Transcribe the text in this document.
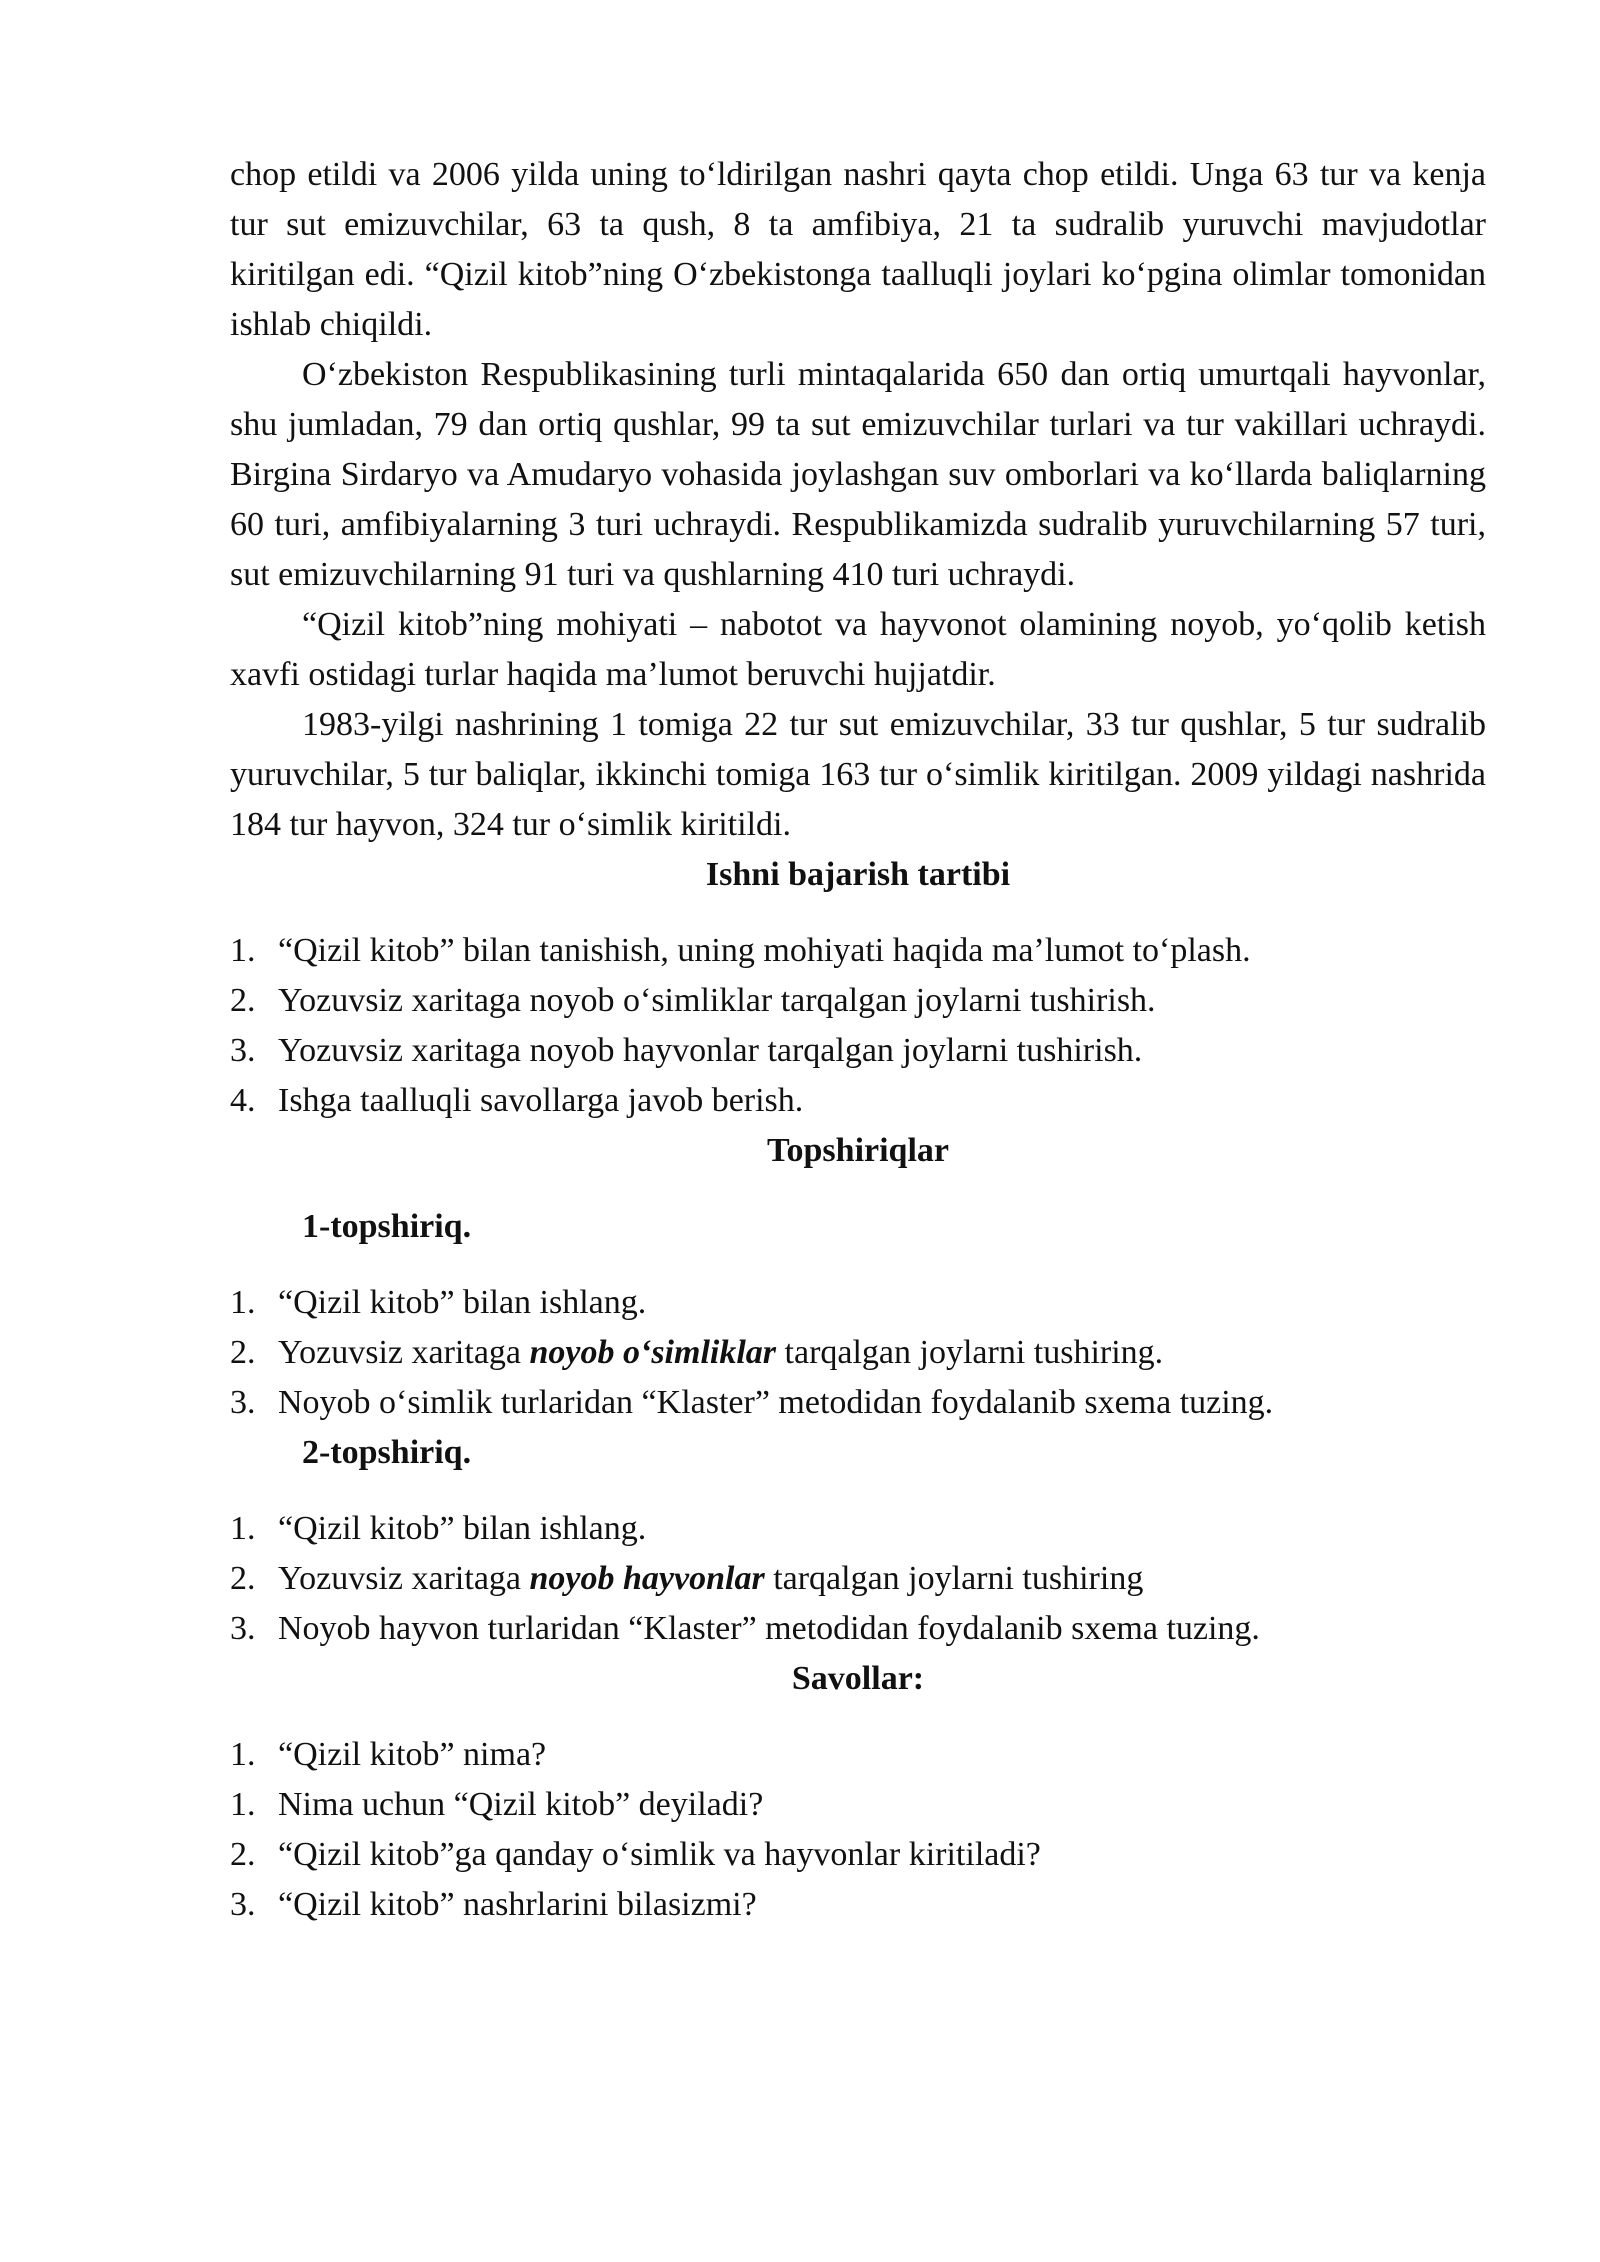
chop etildi va 2006 yilda uning to‘ldirilgan nashri qayta chop etildi. Unga 63 tur va kenja tur sut emizuvchilar, 63 ta qush, 8 ta amfibiya, 21 ta sudralib yuruvchi mavjudotlar kiritilgan edi. “Qizil kitob”ning O‘zbekistonga taalluqli joylari ko‘pgina olimlar tomonidan ishlab chiqildi.

O‘zbekiston Respublikasining turli mintaqalarida 650 dan ortiq umurtqali hayvonlar, shu jumladan, 79 dan ortiq qushlar, 99 ta sut emizuvchilar turlari va tur vakillari uchraydi. Birgina Sirdaryo va Amudaryo vohasida joylashgan suv omborlari va ko‘llarda baliqlarning 60 turi, amfibiyalarning 3 turi uchraydi. Respublikamizda sudralib yuruvchilarning 57 turi, sut emizuvchilarning 91 turi va qushlarning 410 turi uchraydi.

“Qizil kitob”ning mohiyati – nabotot va hayvonot olamining noyob, yo‘qolib ketish xavfi ostidagi turlar haqida ma’lumot beruvchi hujjatdir.

1983-yilgi nashrining 1 tomiga 22 tur sut emizuvchilar, 33 tur qushlar, 5 tur sudralib yuruvchilar, 5 tur baliqlar, ikkinchi tomiga 163 tur o‘simlik kiritilgan. 2009 yildagi nashrida 184 tur hayvon, 324 tur o‘simlik kiritildi.

Ishni bajarish tartibi

1. “Qizil kitob” bilan tanishish, uning mohiyati haqida ma’lumot to‘plash.
2. Yozuvsiz xaritaga noyob o‘simliklar tarqalgan joylarni tushirish.
3. Yozuvsiz xaritaga noyob hayvonlar tarqalgan joylarni tushirish.
4. Ishga taalluqli savollarga javob berish.

Topshiriqlar

1-topshiriq.

1. “Qizil kitob” bilan ishlang.
2. Yozuvsiz xaritaga noyob o‘simliklar tarqalgan joylarni tushiring.
3. Noyob o‘simlik turlaridan “Klaster” metodidan foydalanib sxema tuzing.

2-topshiriq.

1. “Qizil kitob” bilan ishlang.
2. Yozuvsiz xaritaga noyob hayvonlar tarqalgan joylarni tushiring
3. Noyob hayvon turlaridan “Klaster” metodidan foydalanib sxema tuzing.

Savollar:

1. “Qizil kitob” nima?
1. Nima uchun “Qizil kitob” deyiladi?
2. “Qizil kitob”ga qanday o‘simlik va hayvonlar kiritiladi?
3. “Qizil kitob” nashrlarini bilasizmi?
